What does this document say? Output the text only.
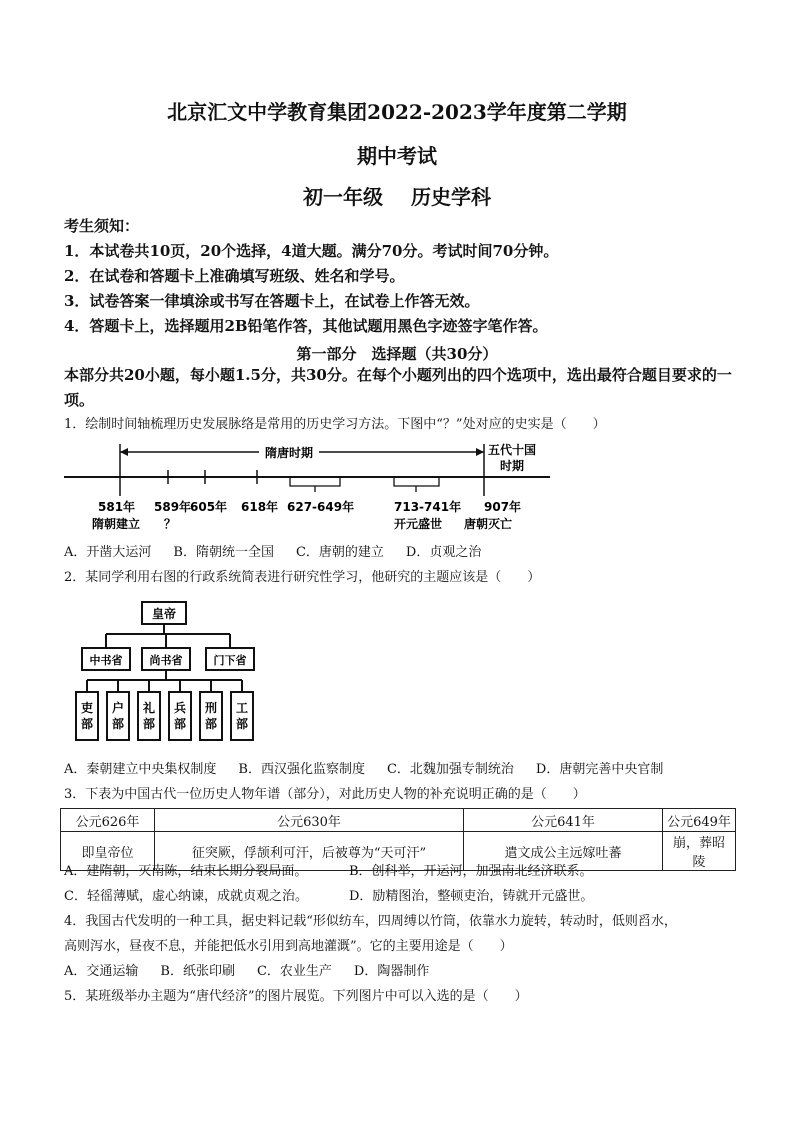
北京汇文中学教育集团2022-2023学年度第二学期
期中考试
初一年级 历史学科
考生须知：
1．本试卷共10页，20个选择，4道大题。满分70分。考试时间70分钟。
2．在试卷和答题卡上准确填写班级、姓名和学号。
3．试卷答案一律填涂或书写在答题卡上，在试卷上作答无效。
4．答题卡上，选择题用2B铅笔作答，其他试题用黑色字迹签字笔作答。
第一部分　选择题（共30分）
本部分共20小题，每小题1.5分，共30分。在每个小题列出的四个选项中，选出最符合题目要求的一项。
1．绘制时间轴梳理历史发展脉络是常用的历史学习方法。下图中“？”处对应的史实是（　　）
隋唐时期	五代十国
时期
581年
隋朝建立
589年
？
605年 618年 627-649年	713-741年
开元盛世
907年
唐朝灭亡
A．开凿大运河 B．隋朝统一全国 C．唐朝的建立 D．贞观之治
2．某同学利用右图的行政系统简表进行研究性学习，他研究的主题应该是（　　）
皇帝
中书省 尚书省	门下省
吏部
户部
礼部
兵部
刑部
工部
A．秦朝建立中央集权制度 B．西汉强化监察制度 C．北魏加强专制统治 D．唐朝完善中央官制
3．下表为中国古代一位历史人物年谱（部分），对此历史人物的补充说明正确的是（　　）
公元626年	公元630年	公元641年	公元649年
即皇帝位	征突厥，俘颉利可汗，后被尊为“天可汗”	遣文成公主远嫁吐蕃	崩，葬昭陵
A．建隋朝，灭南陈，结束长期分裂局面。	B．创科举，开运河，加强南北经济联系。
C．轻徭薄赋，虚心纳谏，成就贞观之治。	D．励精图治，整顿吏治，铸就开元盛世。
4．我国古代发明的一种工具，据史料记载“形似纺车，四周缚以竹筒，依靠水力旋转，转动时，低则舀水，
高则泻水，昼夜不息，并能把低水引用到高地灌溉”。它的主要用途是（　　）
A．交通运输 B．纸张印刷 C．农业生产 D．陶器制作
5．某班级举办主题为“唐代经济”的图片展览。下列图片中可以入选的是（　　）
